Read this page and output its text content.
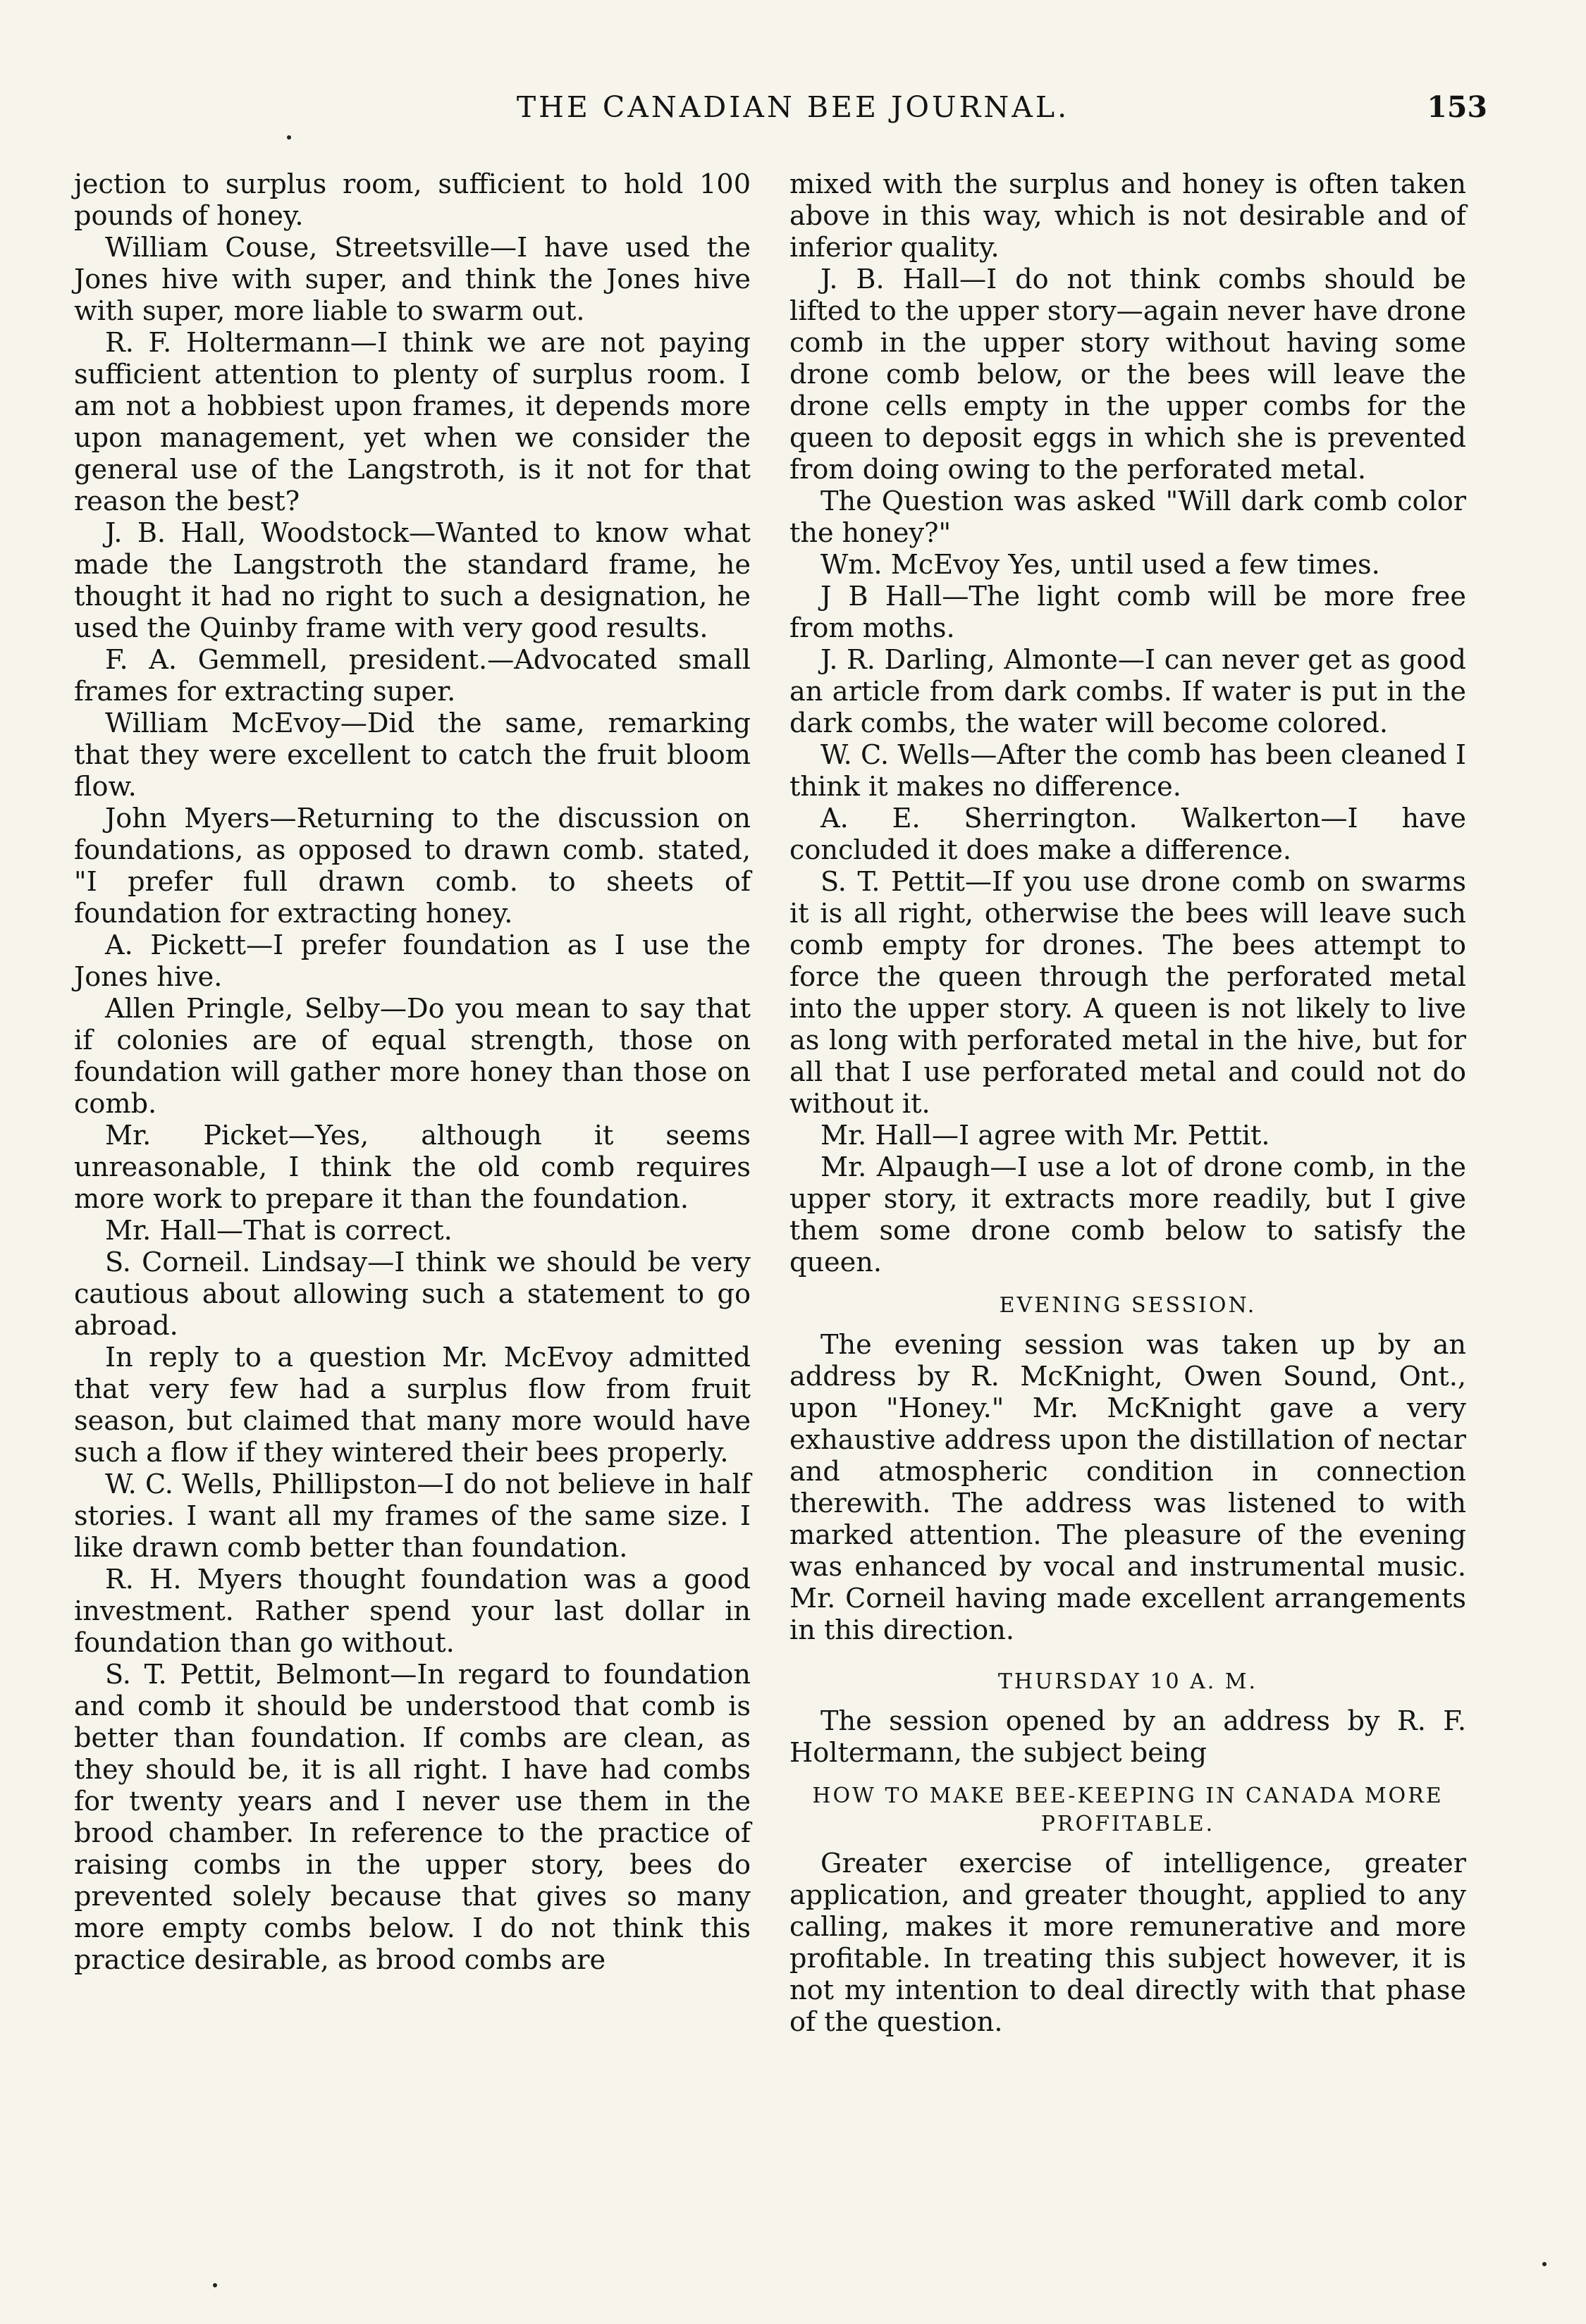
THE CANADIAN BEE JOURNAL.	153

jection to surplus room, sufficient to hold 100 pounds of honey.

William Couse, Streetsville—I have used the Jones hive with super, and think the Jones hive with super, more liable to swarm out.

R. F. Holtermann—I think we are not paying sufficient attention to plenty of surplus room. I am not a hobbiest upon frames, it depends more upon management, yet when we consider the general use of the Langstroth, is it not for that reason the best?

J. B. Hall, Woodstock—Wanted to know what made the Langstroth the standard frame, he thought it had no right to such a designation, he used the Quinby frame with very good results.

F. A. Gemmell, president.—Advocated small frames for extracting super.

William McEvoy—Did the same, remarking that they were excellent to catch the fruit bloom flow.

John Myers—Returning to the discussion on foundations, as opposed to drawn comb. stated, "I prefer full drawn comb. to sheets of foundation for extracting honey.

A. Pickett—I prefer foundation as I use the Jones hive.

Allen Pringle, Selby—Do you mean to say that if colonies are of equal strength, those on foundation will gather more honey than those on comb.

Mr. Picket—Yes, although it seems unreasonable, I think the old comb requires more work to prepare it than the foundation.

Mr. Hall—That is correct.

S. Corneil. Lindsay—I think we should be very cautious about allowing such a statement to go abroad.

In reply to a question Mr. McEvoy admitted that very few had a surplus flow from fruit season, but claimed that many more would have such a flow if they wintered their bees properly.

W. C. Wells, Phillipston—I do not believe in half stories. I want all my frames of the same size. I like drawn comb better than foundation.

R. H. Myers thought foundation was a good investment. Rather spend your last dollar in foundation than go without.

S. T. Pettit, Belmont—In regard to foundation and comb it should be understood that comb is better than foundation. If combs are clean, as they should be, it is all right. I have had combs for twenty years and I never use them in the brood chamber. In reference to the practice of raising combs in the upper story, bees do prevented solely because that gives so many more empty combs below. I do not think this practice desirable, as brood combs are

mixed with the surplus and honey is often taken above in this way, which is not desirable and of inferior quality.

J. B. Hall—I do not think combs should be lifted to the upper story—again never have drone comb in the upper story without having some drone comb below, or the bees will leave the drone cells empty in the upper combs for the queen to deposit eggs in which she is prevented from doing owing to the perforated metal.

The Question was asked "Will dark comb color the honey?"

Wm. McEvoy Yes, until used a few times.

J B Hall—The light comb will be more free from moths.

J. R. Darling, Almonte—I can never get as good an article from dark combs. If water is put in the dark combs, the water will become colored.

W. C. Wells—After the comb has been cleaned I think it makes no difference.

A. E. Sherrington. Walkerton—I have concluded it does make a difference.

S. T. Pettit—If you use drone comb on swarms it is all right, otherwise the bees will leave such comb empty for drones. The bees attempt to force the queen through the perforated metal into the upper story. A queen is not likely to live as long with perforated metal in the hive, but for all that I use perforated metal and could not do without it.

Mr. Hall—I agree with Mr. Pettit.

Mr. Alpaugh—I use a lot of drone comb, in the upper story, it extracts more readily, but I give them some drone comb below to satisfy the queen.

EVENING SESSION.

The evening session was taken up by an address by R. McKnight, Owen Sound, Ont., upon "Honey." Mr. McKnight gave a very exhaustive address upon the distillation of nectar and atmospheric condition in connection therewith. The address was listened to with marked attention. The pleasure of the evening was enhanced by vocal and instrumental music. Mr. Corneil having made excellent arrangements in this direction.

THURSDAY 10 A. M.

The session opened by an address by R. F. Holtermann, the subject being

HOW TO MAKE BEE-KEEPING IN CANADA MORE PROFITABLE.

Greater exercise of intelligence, greater application, and greater thought, applied to any calling, makes it more remunerative and more profitable. In treating this subject however, it is not my intention to deal directly with that phase of the question.
